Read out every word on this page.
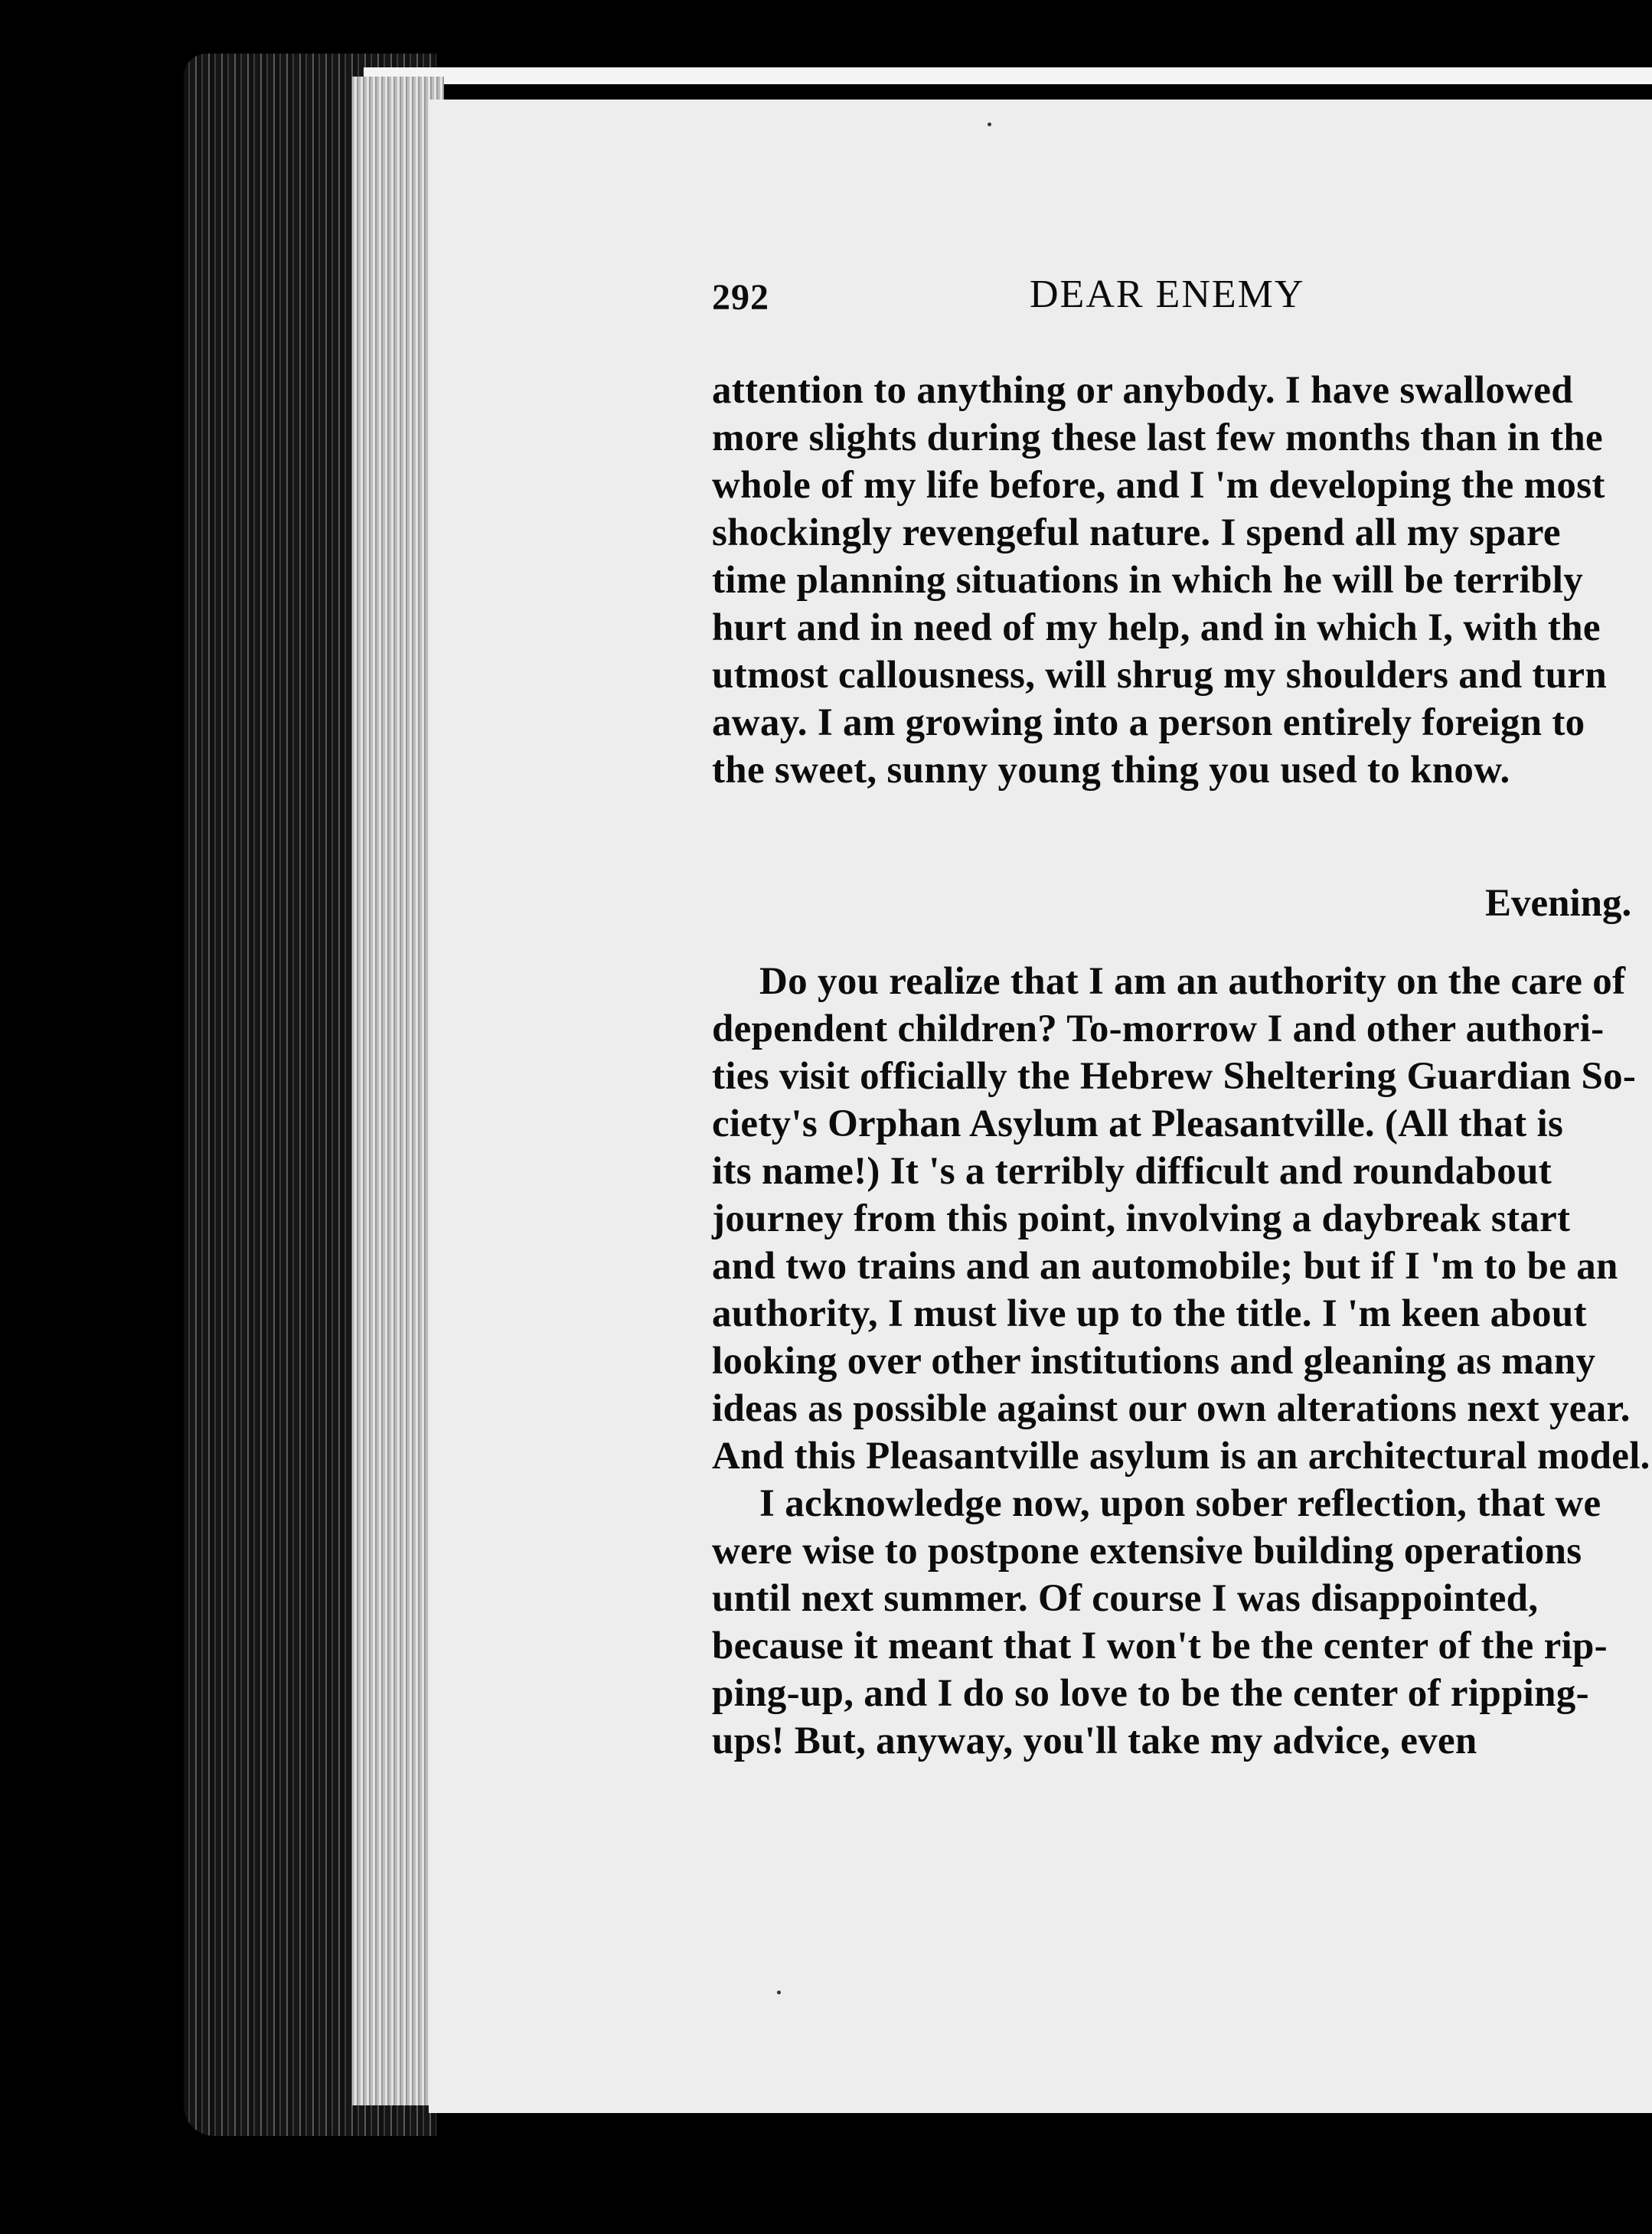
292	DEAR ENEMY
attention to anything or anybody. I have swallowed
more slights during these last few months than in the
whole of my life before, and I 'm developing the most
shockingly revengeful nature. I spend all my spare
time planning situations in which he will be terribly
hurt and in need of my help, and in which I, with the
utmost callousness, will shrug my shoulders and turn
away. I am growing into a person entirely foreign to
the sweet, sunny young thing you used to know.
Evening.
Do you realize that I am an authority on the care of
dependent children? To-morrow I and other authori-
ties visit officially the Hebrew Sheltering Guardian So-
ciety's Orphan Asylum at Pleasantville. (All that is
its name!) It 's a terribly difficult and roundabout
journey from this point, involving a daybreak start
and two trains and an automobile; but if I 'm to be an
authority, I must live up to the title. I 'm keen about
looking over other institutions and gleaning as many
ideas as possible against our own alterations next year.
And this Pleasantville asylum is an architectural model.
I acknowledge now, upon sober reflection, that we
were wise to postpone extensive building operations
until next summer. Of course I was disappointed,
because it meant that I won't be the center of the rip-
ping-up, and I do so love to be the center of ripping-
ups! But, anyway, you'll take my advice, even
